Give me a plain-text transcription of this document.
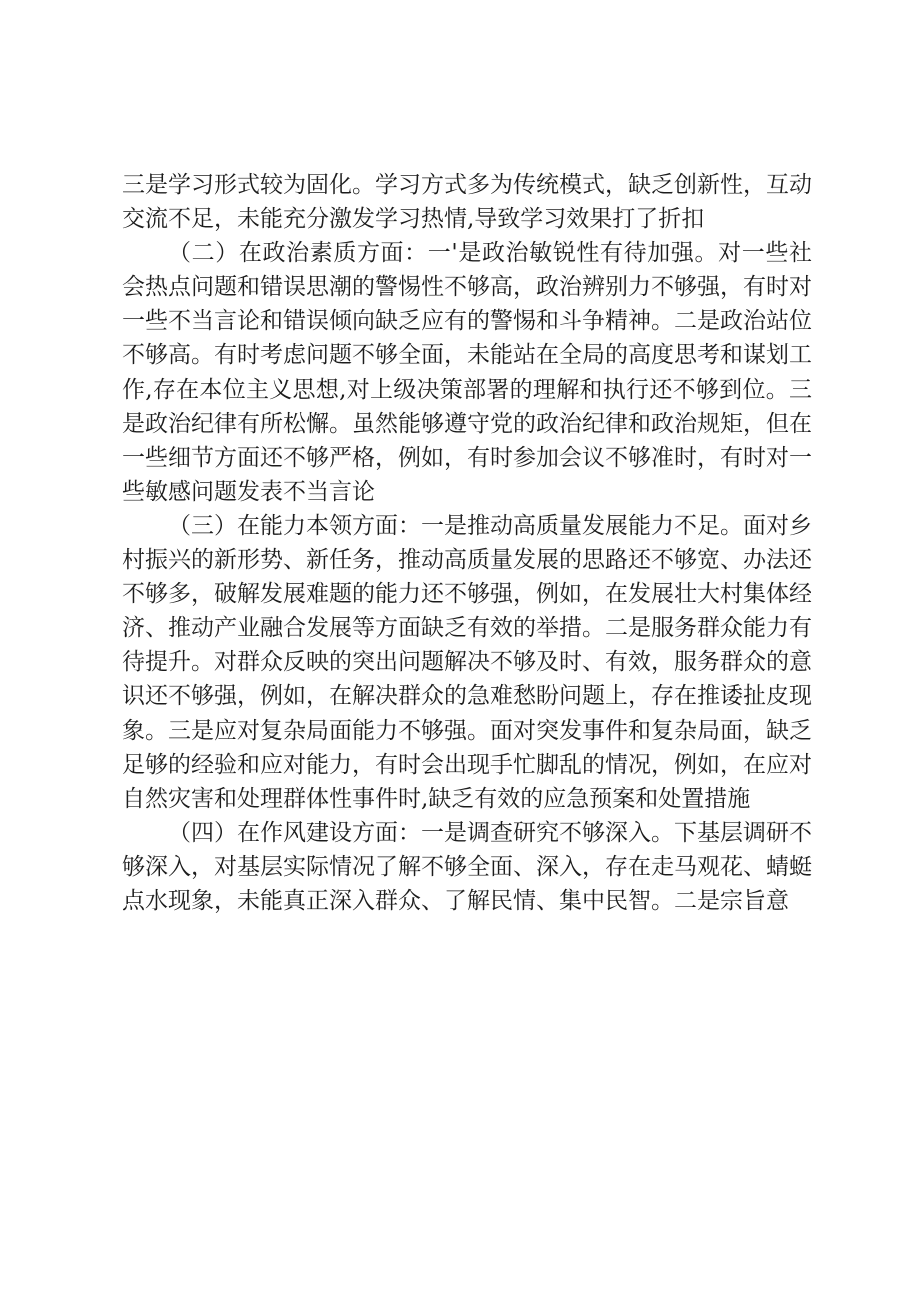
三是学习形式较为固化。学习方式多为传统模式，缺乏创新性，互动交流不足，未能充分激发学习热情,导致学习效果打了折扣

（二）在政治素质方面：一'是政治敏锐性有待加强。对一些社会热点问题和错误思潮的警惕性不够高，政治辨别力不够强，有时对一些不当言论和错误倾向缺乏应有的警惕和斗争精神。二是政治站位不够高。有时考虑问题不够全面，未能站在全局的高度思考和谋划工作,存在本位主义思想,对上级决策部署的理解和执行还不够到位。三是政治纪律有所松懈。虽然能够遵守党的政治纪律和政治规矩，但在一些细节方面还不够严格，例如，有时参加会议不够准时，有时对一些敏感问题发表不当言论

（三）在能力本领方面：一是推动高质量发展能力不足。面对乡村振兴的新形势、新任务，推动高质量发展的思路还不够宽、办法还不够多，破解发展难题的能力还不够强，例如，在发展壮大村集体经济、推动产业融合发展等方面缺乏有效的举措。二是服务群众能力有待提升。对群众反映的突出问题解决不够及时、有效，服务群众的意识还不够强，例如，在解决群众的急难愁盼问题上，存在推诿扯皮现象。三是应对复杂局面能力不够强。面对突发事件和复杂局面，缺乏足够的经验和应对能力，有时会出现手忙脚乱的情况，例如，在应对自然灾害和处理群体性事件时,缺乏有效的应急预案和处置措施

（四）在作风建设方面：一是调查研究不够深入。下基层调研不够深入，对基层实际情况了解不够全面、深入，存在走马观花、蜻蜓点水现象，未能真正深入群众、了解民情、集中民智。二是宗旨意
